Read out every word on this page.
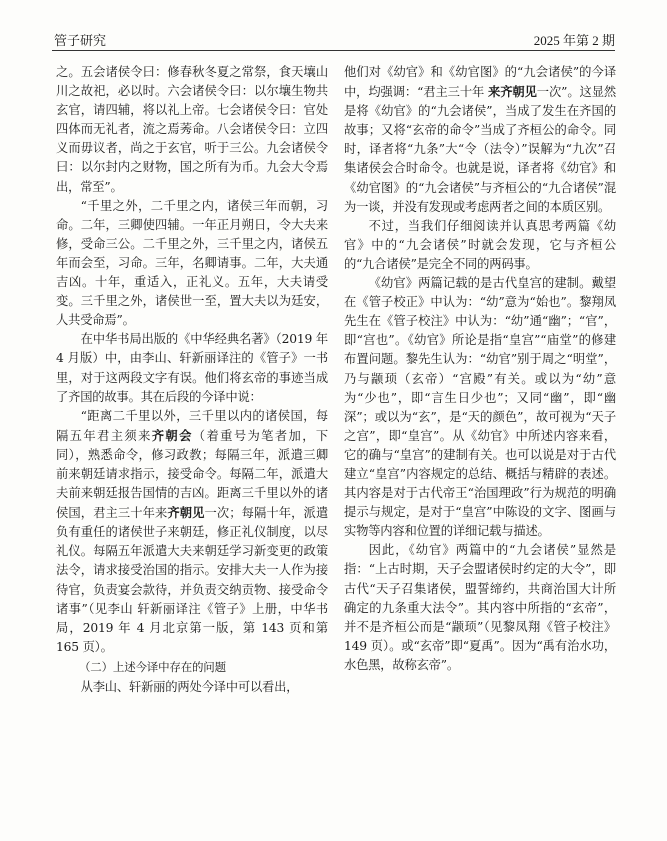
管子研究	2025 年第 2 期

之。五会诸侯令曰：修春秋冬夏之常祭，食天壤山川之故祀，必以时。六会诸侯令曰：以尔壤生物共玄官，请四辅，将以礼上帝。七会诸侯令曰：官处四体而无礼者，流之焉莠命。八会诸侯令曰：立四义而毋议者，尚之于玄官，听于三公。九会诸侯令曰：以尔封内之财物，国之所有为币。九会大令焉出，常至”。

“千里之外，二千里之内，诸侯三年而朝，习命。二年，三卿使四辅。一年正月朔日，令大夫来修，受命三公。二千里之外，三千里之内，诸侯五年而会至，习命。三年，名卿请事。二年，大夫通吉凶。十年，重适入，正礼义。五年，大夫请受变。三千里之外，诸侯世一至，置大夫以为廷安，人共受命焉”。

在中华书局出版的《中华经典名著》（2019 年 4 月版）中，由李山、轩新丽译注的《管子》一书里，对于这两段文字有误。他们将玄帝的事迹当成了齐国的故事。其在后段的今译中说：

“距离二千里以外，三千里以内的诸侯国，每隔五年君主须来齐朝会（着重号为笔者加，下同），熟悉命令，修习政教；每隔三年，派遣三卿前来朝廷请求指示，接受命令。每隔二年，派遣大夫前来朝廷报告国情的吉凶。距离三千里以外的诸侯国，君主三十年来齐朝见一次；每隔十年，派遣负有重任的诸侯世子来朝廷，修正礼仪制度，以尽礼仪。每隔五年派遣大夫来朝廷学习新变更的政策法令，请求接受治国的指示。安排大夫一人作为接待官，负责宴会款待，并负责交纳贡物、接受命令诸事”（见李山 轩新丽译注《管子》上册，中华书局，2019 年 4 月北京第一版，第 143 页和第 165 页）。

（二）上述今译中存在的问题

从李山、轩新丽的两处今译中可以看出，

他们对《幼官》和《幼官图》的“九会诸侯”的今译中，均强调：“君主三十年 来齐朝见一次”。这显然是将《幼官》的“九会诸侯”，当成了发生在齐国的故事；又将“玄帝的命令”当成了齐桓公的命令。同时，译者将“九条”大“令（法令）”误解为“九次”召集诸侯会合时命令。也就是说，译者将《幼官》和《幼官图》的“九会诸侯”与齐桓公的“九合诸侯”混为一谈，并没有发现或考虑两者之间的本质区别。

不过，当我们仔细阅读并认真思考两篇《幼官》中的“九会诸侯”时就会发现，它与齐桓公的“九合诸侯”是完全不同的两码事。

《幼官》两篇记载的是古代皇宫的建制。戴望在《管子校正》中认为：“幼”意为“始也”。黎翔凤先生在《管子校注》中认为：“幼”通“幽”；“官”，即“宫也”。《幼官》所论是指“皇宫”“庙堂”的修建布置问题。黎先生认为：“幼官”别于周之“明堂”，乃与颛顼（玄帝）“宫殿”有关。或以为“幼”意为“少也”，即“言生日少也”；又同“幽”，即“幽深”；或以为“玄”，是“天的颜色”，故可视为“天子之宫”，即“皇宫”。从《幼官》中所述内容来看，它的确与“皇宫”的建制有关。也可以说是对于古代建立“皇宫”内容规定的总结、概括与精辟的表述。其内容是对于古代帝王“治国理政”行为规范的明确提示与规定，是对于“皇宫”中陈设的文字、图画与实物等内容和位置的详细记载与描述。

因此，《幼官》两篇中的“九会诸侯”显然是指：“上古时期，天子会盟诸侯时约定的大令”，即古代“天子召集诸侯，盟誓缔约，共商治国大计所确定的九条重大法令”。其内容中所指的“玄帝”，并不是齐桓公而是“颛顼”（见黎凤翔《管子校注》149 页）。或“玄帝”即“夏禹”。因为“禹有治水功，水色黑，故称玄帝”。
